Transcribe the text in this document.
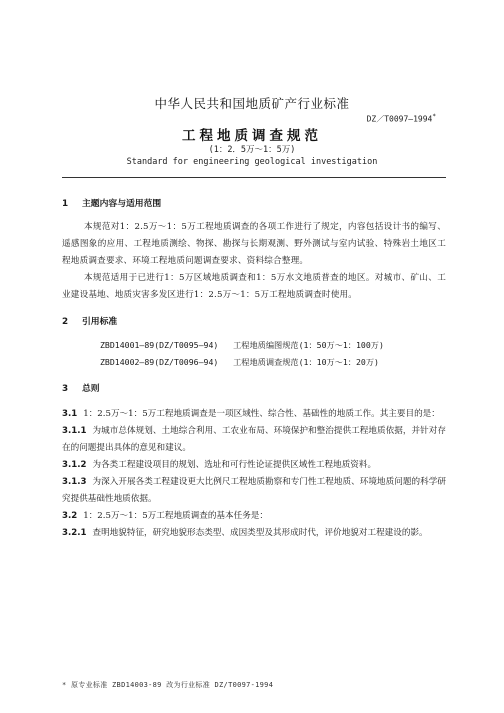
中华人民共和国地质矿产行业标准
DZ／T0097—1994*
工程地质调查规范
(1：2．5万～1：5万)
Standard for engineering geological investigation

1 主题内容与适用范围

本规范对1：2.5万～1：5万工程地质调查的各项工作进行了规定，内容包括设计书的编写、遥感图象的应用、工程地质测绘、物探、勘探与长期观测、野外测试与室内试验、特殊岩土地区工程地质调查要求、环境工程地质问题调查要求、资料综合整理。

本规范适用于已进行1：5万区域地质调查和1：5万水文地质普查的地区。对城市、矿山、工业建设基地、地质灾害多发区进行1：2.5万～1：5万工程地质调查时使用。

2 引用标准

ZBD14001—89(DZ/T0095—94)   工程地质编图规范(1：50万～1：100万)

ZBD14002—89(DZ/T0096—94)   工程地质调查规范(1：10万～1：20万)

3 总则

3.1 1：2.5万～1：5万工程地质调查是一项区域性、综合性、基础性的地质工作。其主要目的是：

3.1.1 为城市总体规划、土地综合利用、工农业布局、环境保护和整治提供工程地质依据，并针对存在的问题提出具体的意见和建议。

3.1.2 为各类工程建设项目的规划、选址和可行性论证提供区域性工程地质资料。

3.1.3 为深入开展各类工程建设更大比例尺工程地质勘察和专门性工程地质、环境地质问题的科学研究提供基础性地质依据。

3.2 1：2.5万～1：5万工程地质调查的基本任务是：

3.2.1 查明地貌特征，研究地貌形态类型、成因类型及其形成时代，评价地貌对工程建设的影。

* 原专业标准 ZBD14003-89 改为行业标准 DZ/T0097-1994
